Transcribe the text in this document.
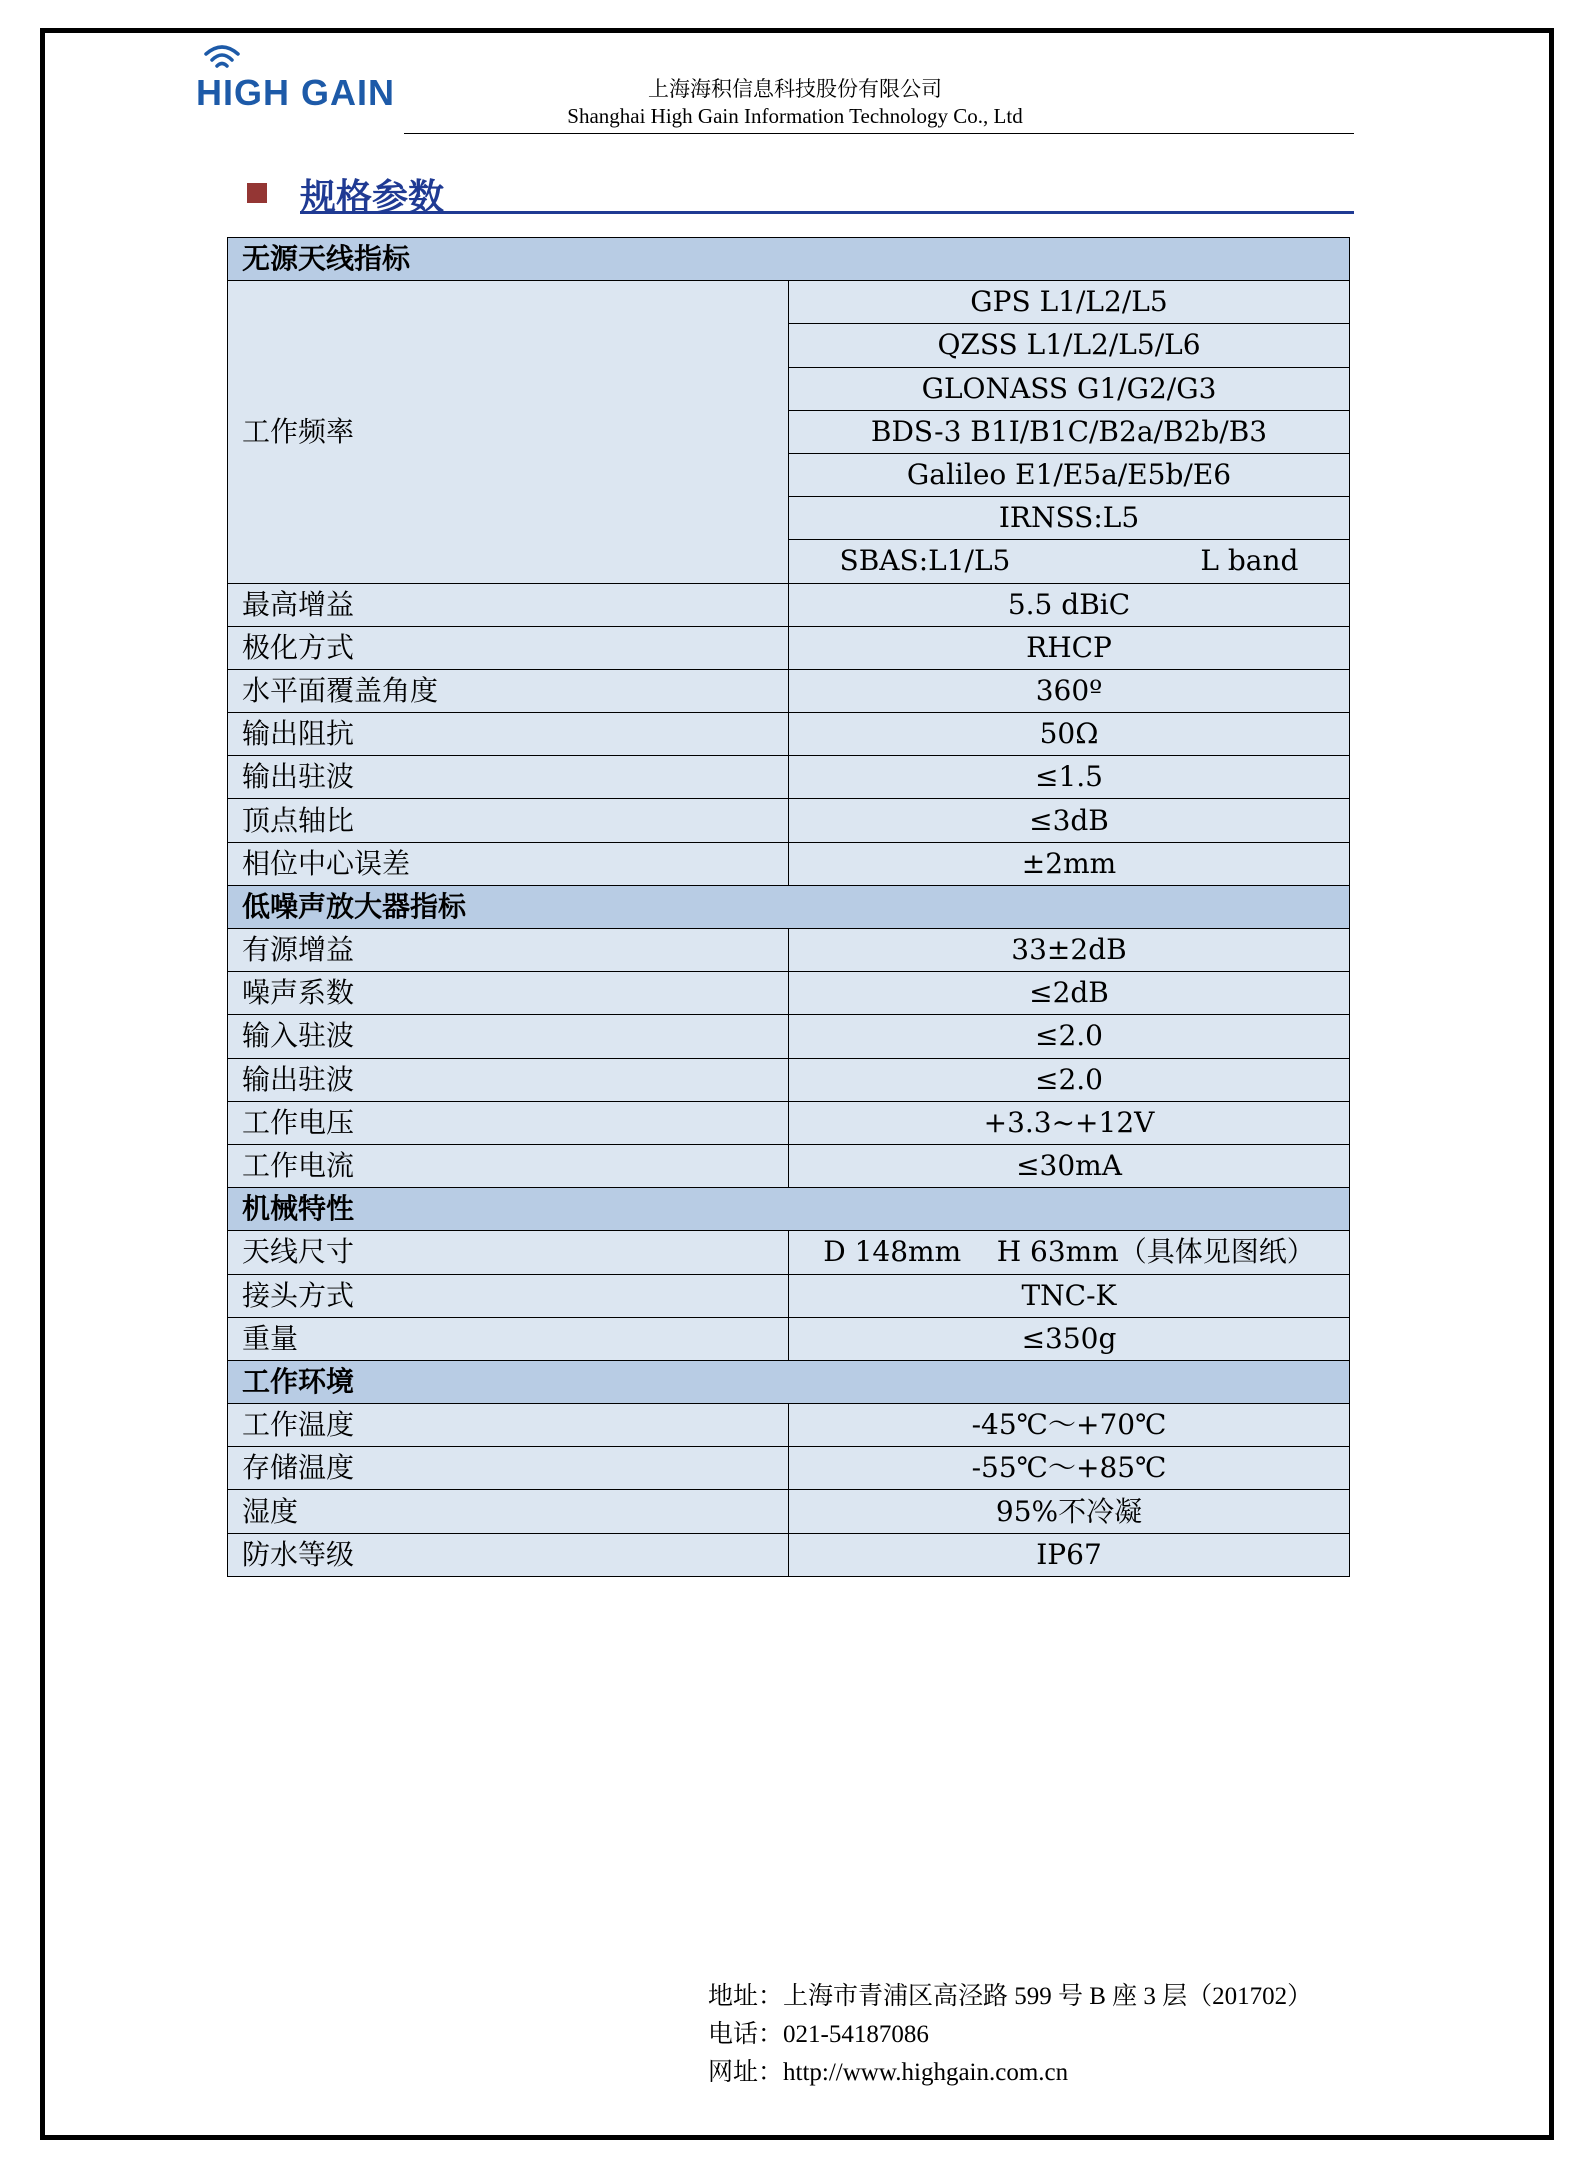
HIGH GAIN	上海海积信息科技股份有限公司
Shanghai High Gain Information Technology Co., Ltd
规格参数
无源天线指标	
工作频率	GPS L1/L2/L5
	QZSS L1/L2/L5/L6
	GLONASS G1/G2/G3
	BDS-3 B1I/B1C/B2a/B2b/B3
	Galileo E1/E5a/E5b/E6
	IRNSS:L5
	SBAS:L1/L5 L band
最高增益	5.5 dBiC
极化方式	RHCP
水平面覆盖角度	360º
输出阻抗	50Ω
输出驻波	≤1.5
顶点轴比	≤3dB
相位中心误差	±2mm
低噪声放大器指标	
有源增益	33±2dB
噪声系数	≤2dB
输入驻波	≤2.0
输出驻波	≤2.0
工作电压	+3.3~+12V
工作电流	≤30mA
机械特性	
天线尺寸	D 148mm    H 63mm（具体见图纸）
接头方式	TNC-K
重量	≤350g
工作环境	
工作温度	-45℃～+70℃
存储温度	-55℃～+85℃
湿度	95%不冷凝
防水等级	IP67
地址：上海市青浦区高泾路 599 号 B 座 3 层（201702）
电话：021-54187086
网址：http://www.highgain.com.cn
